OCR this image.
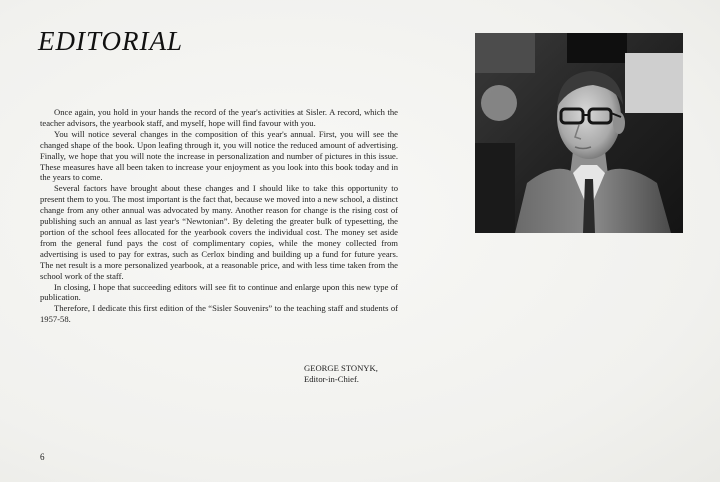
EDITORIAL

Once again, you hold in your hands the record of the year's activities at Sisler. A record, which the teacher advisors, the yearbook staff, and myself, hope will find favour with you.

You will notice several changes in the composition of this year's annual. First, you will see the changed shape of the book. Upon leafing through it, you will notice the reduced amount of advertising. Finally, we hope that you will note the increase in personalization and number of pictures in this issue. These measures have all been taken to increase your enjoyment as you look into this book today and in the years to come.

Several factors have brought about these changes and I should like to take this opportunity to present them to you. The most important is the fact that, because we moved into a new school, a distinct change from any other annual was advocated by many. Another reason for change is the rising cost of publishing such an annual as last year's “Newtonian”. By deleting the greater bulk of typesetting, the portion of the school fees allocated for the yearbook covers the individual cost. The money set aside from the general fund pays the cost of complimentary copies, while the money collected from advertising is used to pay for extras, such as Cerlox binding and building up a fund for future years. The net result is a more personalized yearbook, at a reasonable price, and with less time taken from the school work of the staff.

In closing, I hope that succeeding editors will see fit to continue and enlarge upon this new type of publication.

Therefore, I dedicate this first edition of the “Sisler Souvenirs” to the teaching staff and students of 1957-58.

GEORGE STONYK,
Editor-in-Chief.
6
